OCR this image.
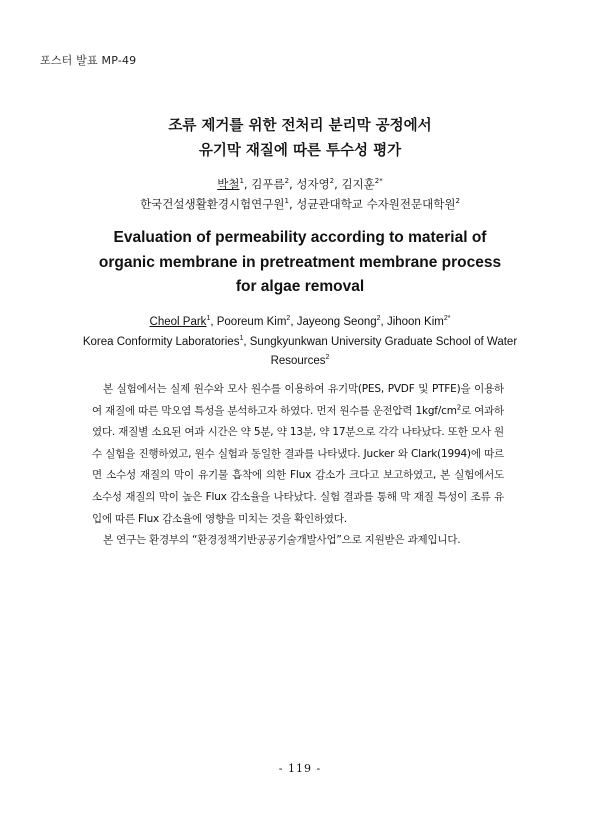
포스터 발표 MP-49
조류 제거를 위한 전처리 분리막 공정에서
유기막 재질에 따른 투수성 평가
박철$^1$, 김푸름$^2$, 성자영$^2$, 김지훈$^{2*}$
한국건설생활환경시험연구원$^1$, 성균관대학교 수자원전문대학원$^2$
Evaluation of permeability according to material of
organic membrane in pretreatment membrane process
for algae removal
Cheol Park$^1$, Pooreum Kim$^2$, Jayeong Seong$^2$, Jihoon Kim$^{2*}$
Korea Conformity Laboratories$^1$, Sungkyunkwan University Graduate School of Water Resources$^2$

본 실험에서는 실제 원수와 모사 원수를 이용하여 유기막(PES, PVDF 및 PTFE)을 이용하여 재질에 따른 막오염 특성을 분석하고자 하였다. 먼저 원수를 운전압력 $1kgf/cm^2$로 여과하였다. 재질별 소요된 여과 시간은 약 5분, 약 13분, 약 17분으로 각각 나타났다. 또한 모사 원수 실험을 진행하였고, 원수 실험과 동일한 결과를 나타냈다. Jucker 와 Clark(1994)에 따르면 소수성 재질의 막이 유기물 흡착에 의한 Flux 감소가 크다고 보고하였고, 본 실험에서도 소수성 재질의 막이 높은 Flux 감소율을 나타났다. 실험 결과를 통해 막 재질 특성이 조류 유입에 따른 Flux 감소율에 영향을 미치는 것을 확인하였다.

본 연구는 환경부의 “환경정책기반공공기술개발사업”으로 지원받은 과제입니다.

- 119 -
